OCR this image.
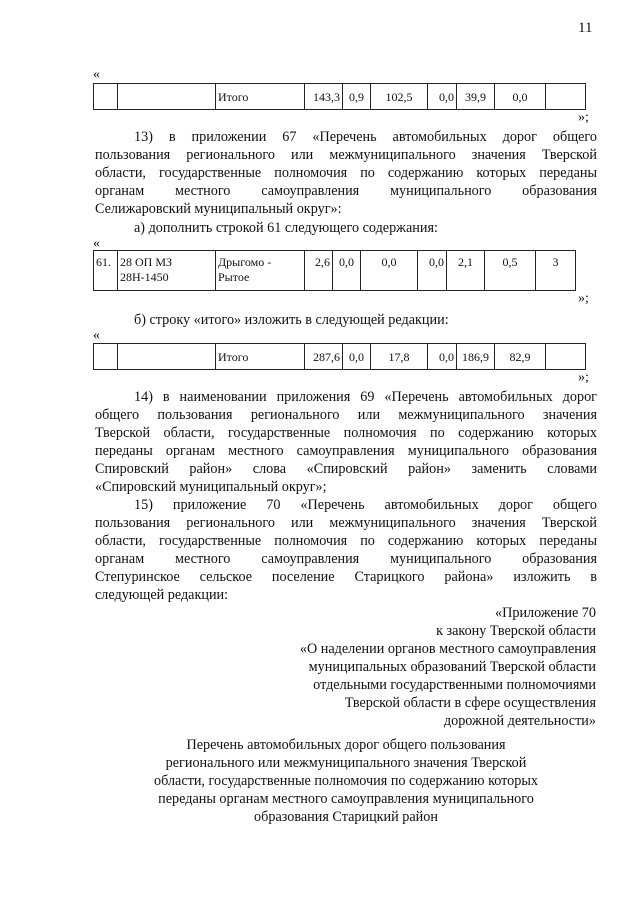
11
«
		Итого	143,3	0,9	102,5	0,0	39,9	0,0	
»;
13) в приложении 67 «Перечень автомобильных дорог общего
пользования регионального или межмуниципального значения Тверской
области, государственные полномочия по содержанию которых переданы
органам местного самоуправления муниципального образования
Селижаровский муниципальный округ»:
а) дополнить строкой 61 следующего содержания:
«
61.	28 ОП МЗ 28Н-1450	Дрыгомо - Рытое	2,6	0,0	0,0	0,0	2,1	0,5	3
»;
б) строку «итого» изложить в следующей редакции:
«
		Итого	287,6	0,0	17,8	0,0	186,9	82,9	
»;
14) в наименовании приложения 69 «Перечень автомобильных дорог
общего пользования регионального или межмуниципального значения
Тверской области, государственные полномочия по содержанию которых
переданы органам местного самоуправления муниципального образования
Спировский район» слова «Спировский район» заменить словами
«Спировский муниципальный округ»;
15) приложение 70 «Перечень автомобильных дорог общего
пользования регионального или межмуниципального значения Тверской
области, государственные полномочия по содержанию которых переданы
органам местного самоуправления муниципального образования
Степуринское сельское поселение Старицкого района» изложить в
следующей редакции:
«Приложение 70
к закону Тверской области
«О наделении органов местного самоуправления
муниципальных образований Тверской области
отдельными государственными полномочиями
Тверской области в сфере осуществления
дорожной деятельности»
Перечень автомобильных дорог общего пользования
регионального или межмуниципального значения Тверской
области, государственные полномочия по содержанию которых
переданы органам местного самоуправления муниципального
образования Старицкий район
